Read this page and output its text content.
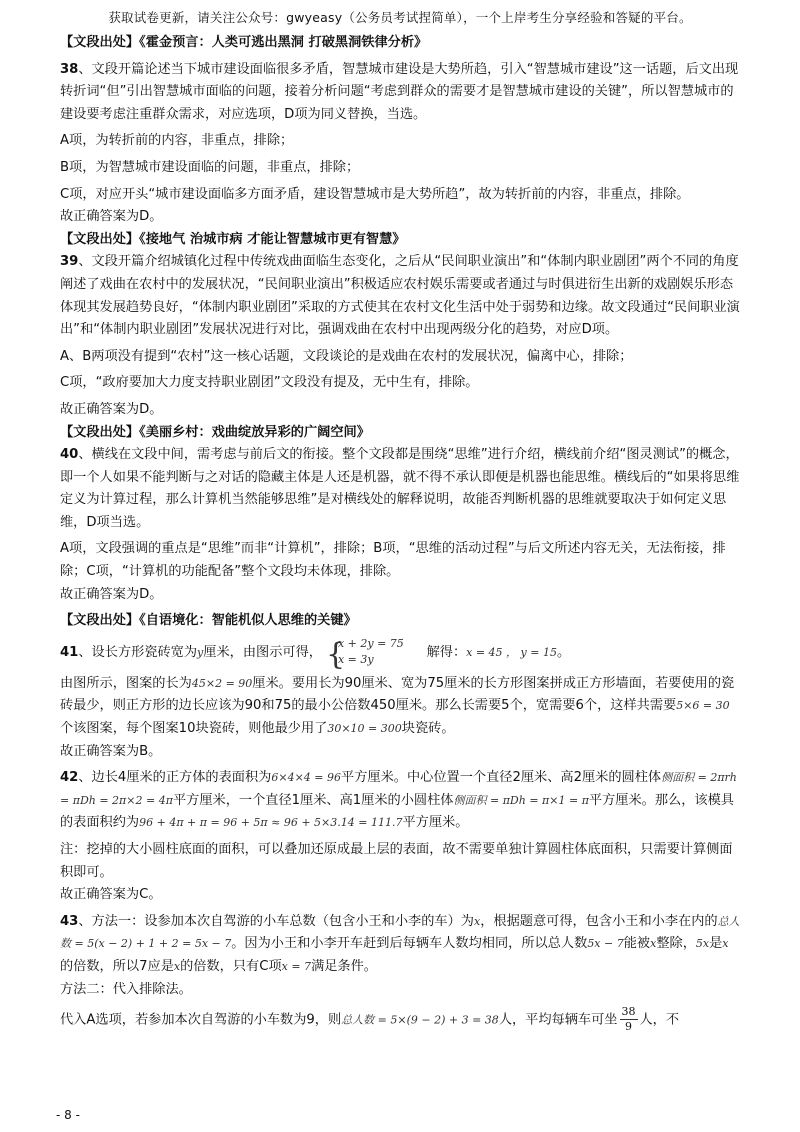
获取试卷更新，请关注公众号：gwyeasy（公务员考试捏简单），一个上岸考生分享经验和答疑的平台。

【文段出处】《霍金预言：人类可逃出黑洞 打破黑洞铁律分析》

38、文段开篇论述当下城市建设面临很多矛盾，智慧城市建设是大势所趋，引入“智慧城市建设”这一话题，后文出现转折词“但”引出智慧城市面临的问题，接着分析问题“考虑到群众的需要才是智慧城市建设的关键”，所以智慧城市的建设要考虑注重群众需求，对应选项，D项为同义替换，当选。

A项，为转折前的内容，非重点，排除；

B项，为智慧城市建设面临的问题，非重点，排除；

C项，对应开头“城市建设面临多方面矛盾，建设智慧城市是大势所趋”，故为转折前的内容，非重点，排除。

故正确答案为D。

【文段出处】《接地气 治城市病 才能让智慧城市更有智慧》

39、文段开篇介绍城镇化过程中传统戏曲面临生态变化，之后从“民间职业演出”和“体制内职业剧团”两个不同的角度阐述了戏曲在农村中的发展状况，“民间职业演出”积极适应农村娱乐需要或者通过与时俱进衍生出新的戏剧娱乐形态体现其发展趋势良好，“体制内职业剧团”采取的方式使其在农村文化生活中处于弱势和边缘。故文段通过“民间职业演出”和“体制内职业剧团”发展状况进行对比，强调戏曲在农村中出现两级分化的趋势，对应D项。

A、B两项没有提到“农村”这一核心话题，文段谈论的是戏曲在农村的发展状况，偏离中心，排除；

C项，“政府要加大力度支持职业剧团”文段没有提及，无中生有，排除。

故正确答案为D。

【文段出处】《美丽乡村：戏曲绽放异彩的广阔空间》

40、横线在文段中间，需考虑与前后文的衔接。整个文段都是围绕“思维”进行介绍，横线前介绍“图灵测试”的概念，即一个人如果不能判断与之对话的隐藏主体是人还是机器，就不得不承认即便是机器也能思维。横线后的“如果将思维定义为计算过程，那么计算机当然能够思维”是对横线处的解释说明，故能否判断机器的思维就要取决于如何定义思维，D项当选。

A项，文段强调的重点是“思维”而非“计算机”，排除；B项，“思维的活动过程”与后文所述内容无关，无法衔接，排除；C项，“计算机的功能配备”整个文段均未体现，排除。

故正确答案为D。

【文段出处】《自语境化：智能机似人思维的关键》

41、设长方形瓷砖宽为y厘米，由图示可得，
{ x + 2y = 75
x = 3y	解得：x = 45 ， y = 15。

由图所示，图案的长为45×2 = 90厘米。要用长为90厘米、宽为75厘米的长方形图案拼成正方形墙面，若要使用的瓷砖最少，则正方形的边长应该为90和75的最小公倍数450厘米。那么长需要5个，宽需要6个，这样共需要5×6 = 30个该图案，每个图案10块瓷砖，则他最少用了30×10 = 300块瓷砖。

故正确答案为B。

42、边长4厘米的正方体的表面积为6×4×4 = 96平方厘米。中心位置一个直径2厘米、高2厘米的圆柱体侧面积 = 2πrh = πDh = 2π×2 = 4π平方厘米，一个直径1厘米、高1厘米的小圆柱体侧面积 = πDh = π×1 = π平方厘米。那么，该模具的表面积约为96 + 4π + π = 96 + 5π ≈ 96 + 5×3.14 = 111.7平方厘米。

注：挖掉的大小圆柱底面的面积，可以叠加还原成最上层的表面，故不需要单独计算圆柱体底面积，只需要计算侧面积即可。

故正确答案为C。

43、方法一：设参加本次自驾游的小车总数（包含小王和小李的车）为x，根据题意可得，包含小王和小李在内的总人数 = 5(x − 2) + 1 + 2 = 5x − 7。因为小王和小李开车赶到后每辆车人数均相同，所以总人数5x − 7能被x整除，5x是x的倍数，所以7应是x的倍数，只有C项x = 7满足条件。

方法二：代入排除法。

代入A选项，若参加本次自驾游的小车数为9，则总人数 = 5×(9 − 2) + 3 = 38人，平均每辆车可坐 $\frac{38}{9}$ 人，不

- 8 -
